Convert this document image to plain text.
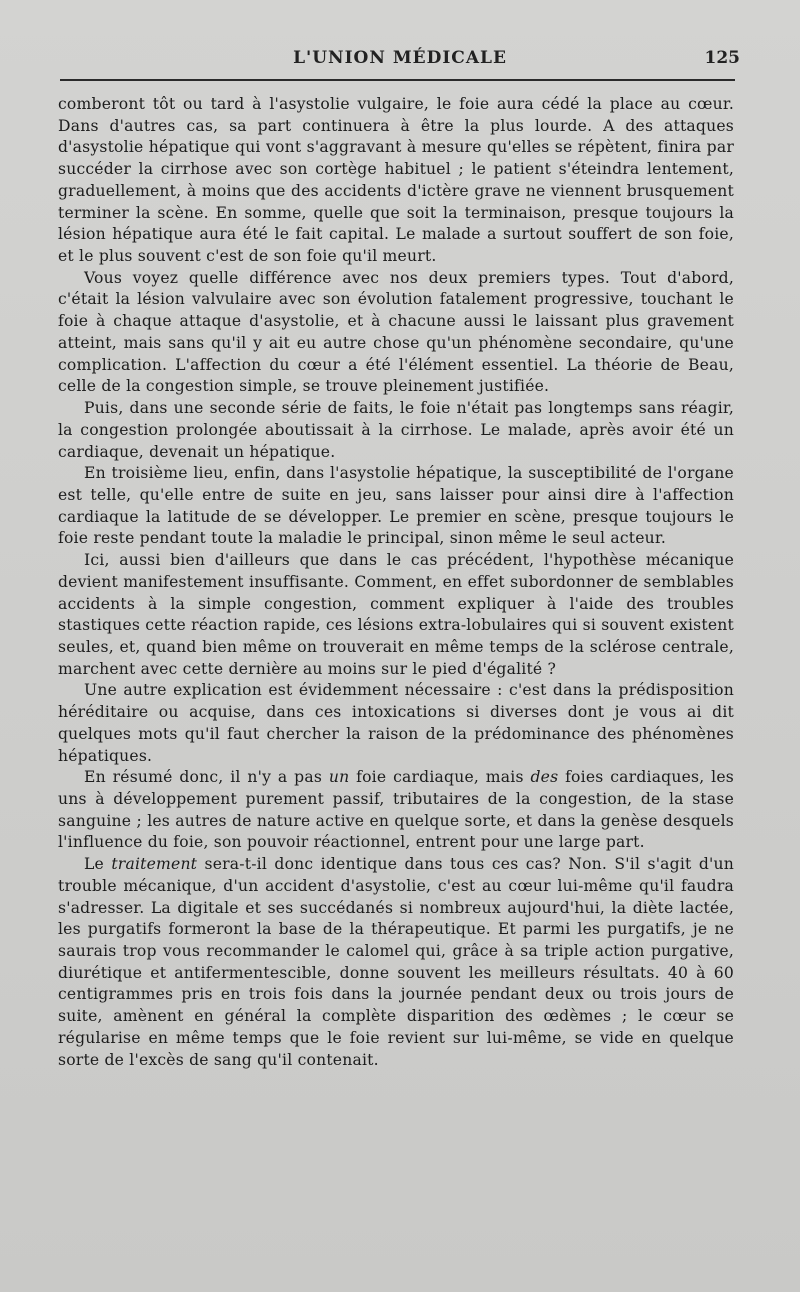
L'UNION MÉDICALE	125

comberont tôt ou tard à l'asystolie vulgaire, le foie aura cédé la place au cœur. Dans d'autres cas, sa part continuera à être la plus lourde. A des attaques d'asystolie hépatique qui vont s'aggravant à mesure qu'elles se répètent, finira par succéder la cirrhose avec son cortège habituel ; le patient s'éteindra lentement, graduellement, à moins que des accidents d'ictère grave ne viennent brusquement terminer la scène. En somme, quelle que soit la terminaison, presque toujours la lésion hépatique aura été le fait capital. Le malade a surtout souffert de son foie, et le plus souvent c'est de son foie qu'il meurt.

Vous voyez quelle différence avec nos deux premiers types. Tout d'abord, c'était la lésion valvulaire avec son évolution fatalement progressive, touchant le foie à chaque attaque d'asystolie, et à chacune aussi le laissant plus gravement atteint, mais sans qu'il y ait eu autre chose qu'un phénomène secondaire, qu'une complication. L'affection du cœur a été l'élément essentiel. La théorie de Beau, celle de la congestion simple, se trouve pleinement justifiée.

Puis, dans une seconde série de faits, le foie n'était pas longtemps sans réagir, la congestion prolongée aboutissait à la cirrhose. Le malade, après avoir été un cardiaque, devenait un hépatique.

En troisième lieu, enfin, dans l'asystolie hépatique, la susceptibilité de l'organe est telle, qu'elle entre de suite en jeu, sans laisser pour ainsi dire à l'affection cardiaque la latitude de se développer. Le premier en scène, presque toujours le foie reste pendant toute la maladie le principal, sinon même le seul acteur.

Ici, aussi bien d'ailleurs que dans le cas précédent, l'hypothèse mécanique devient manifestement insuffisante. Comment, en effet subordonner de semblables accidents à la simple congestion, comment expliquer à l'aide des troubles stastiques cette réaction rapide, ces lésions extra-lobulaires qui si souvent existent seules, et, quand bien même on trouverait en même temps de la sclérose centrale, marchent avec cette dernière au moins sur le pied d'égalité ?

Une autre explication est évidemment nécessaire : c'est dans la prédisposition héréditaire ou acquise, dans ces intoxications si diverses dont je vous ai dit quelques mots qu'il faut chercher la raison de la prédominance des phénomènes hépatiques.

En résumé donc, il n'y a pas un foie cardiaque, mais des foies cardiaques, les uns à développement purement passif, tributaires de la congestion, de la stase sanguine ; les autres de nature active en quelque sorte, et dans la genèse desquels l'influence du foie, son pouvoir réactionnel, entrent pour une large part.

Le traitement sera-t-il donc identique dans tous ces cas? Non. S'il s'agit d'un trouble mécanique, d'un accident d'asystolie, c'est au cœur lui-même qu'il faudra s'adresser. La digitale et ses succédanés si nombreux aujourd'hui, la diète lactée, les purgatifs formeront la base de la thérapeutique. Et parmi les purgatifs, je ne saurais trop vous recommander le calomel qui, grâce à sa triple action purgative, diurétique et antifermentescible, donne souvent les meilleurs résultats. 40 à 60 centigrammes pris en trois fois dans la journée pendant deux ou trois jours de suite, amènent en général la complète disparition des œdèmes ; le cœur se régularise en même temps que le foie revient sur lui-même, se vide en quelque sorte de l'excès de sang qu'il contenait.
